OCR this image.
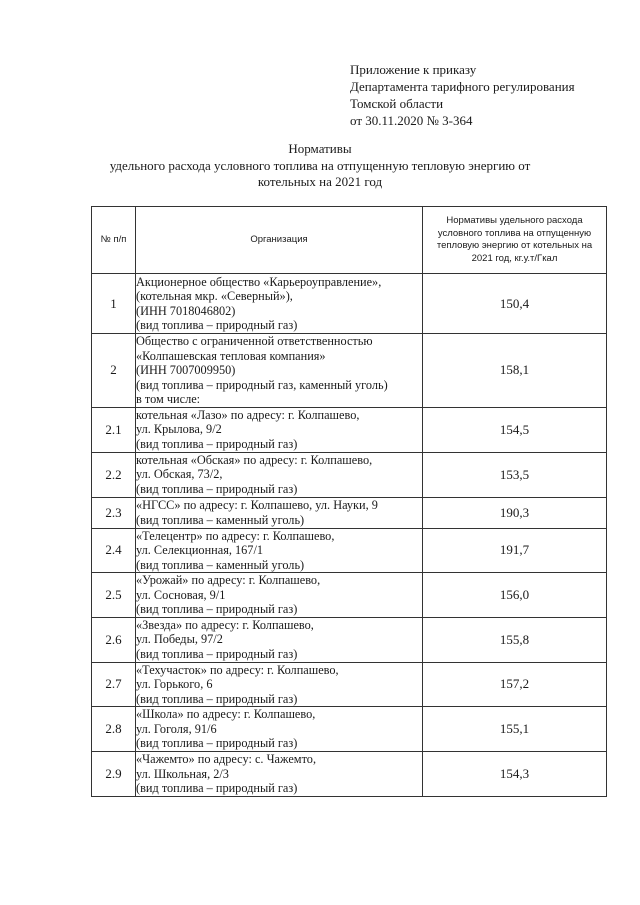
Приложение к приказу
Департамента тарифного регулирования
Томской области
от 30.11.2020 № 3-364
Нормативы
удельного расхода условного топлива на отпущенную тепловую энергию от
котельных на 2021 год
№ п/п	Организация	Нормативы удельного расхода условного топлива на отпущенную тепловую энергию от котельных на 2021 год, кг.у.т/Гкал
1	Акционерное общество «Карьероуправление»,
(котельная мкр. «Северный»),
(ИНН 7018046802)
(вид топлива – природный газ)	150,4
2	Общество с ограниченной ответственностью
«Колпашевская тепловая компания»
(ИНН 7007009950)
(вид топлива – природный газ, каменный уголь)
в том числе:	158,1
2.1	котельная «Лазо» по адресу: г. Колпашево,
ул. Крылова, 9/2
(вид топлива – природный газ)	154,5
2.2	котельная «Обская» по адресу: г. Колпашево,
ул. Обская, 73/2,
(вид топлива – природный газ)	153,5
2.3	«НГСС» по адресу: г. Колпашево, ул. Науки, 9
(вид топлива – каменный уголь)	190,3
2.4	«Телецентр» по адресу: г. Колпашево,
ул. Селекционная, 167/1
(вид топлива – каменный уголь)	191,7
2.5	«Урожай» по адресу: г. Колпашево,
ул. Сосновая, 9/1
(вид топлива – природный газ)	156,0
2.6	«Звезда» по адресу: г. Колпашево,
ул. Победы, 97/2
(вид топлива – природный газ)	155,8
2.7	«Техучасток» по адресу: г. Колпашево,
ул. Горького, 6
(вид топлива – природный газ)	157,2
2.8	«Школа» по адресу: г. Колпашево,
ул. Гоголя, 91/6
(вид топлива – природный газ)	155,1
2.9	«Чажемто» по адресу: с. Чажемто,
ул. Школьная, 2/3
(вид топлива – природный газ)	154,3
